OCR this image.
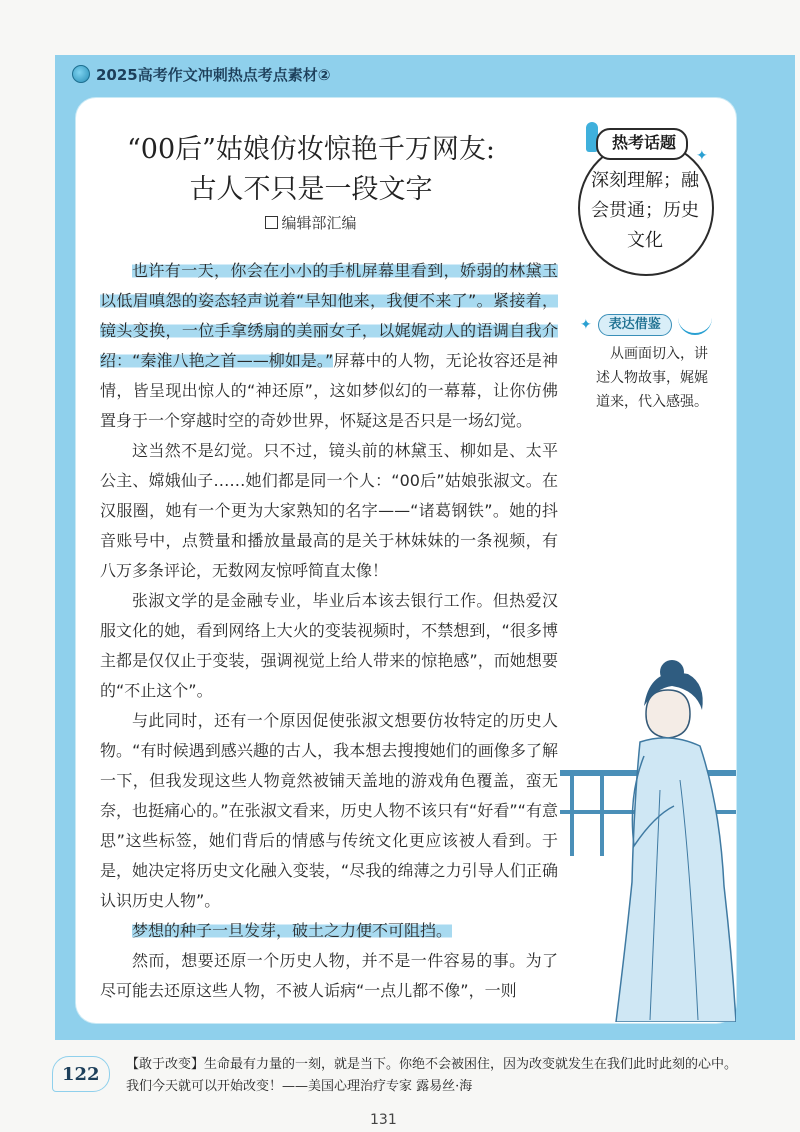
2025高考作文冲刺热点考点素材②
“00后”姑娘仿妆惊艳千万网友:
古人不只是一段文字
编辑部汇编

也许有一天，你会在小小的手机屏幕里看到，娇弱的林黛玉以低眉嗔怨的姿态轻声说着“早知他来，我便不来了”。紧接着，镜头变换，一位手拿绣扇的美丽女子，以娓娓动人的语调自我介绍：“秦淮八艳之首——柳如是。”屏幕中的人物，无论妆容还是神情，皆呈现出惊人的“神还原”，这如梦似幻的一幕幕，让你仿佛置身于一个穿越时空的奇妙世界，怀疑这是否只是一场幻觉。

这当然不是幻觉。只不过，镜头前的林黛玉、柳如是、太平公主、嫦娥仙子……她们都是同一个人：“00后”姑娘张淑文。在汉服圈，她有一个更为大家熟知的名字——“诸葛钢铁”。她的抖音账号中，点赞量和播放量最高的是关于林妹妹的一条视频，有八万多条评论，无数网友惊呼简直太像！

张淑文学的是金融专业，毕业后本该去银行工作。但热爱汉服文化的她，看到网络上大火的变装视频时，不禁想到，“很多博主都是仅仅止于变装，强调视觉上给人带来的惊艳感”，而她想要的“不止这个”。

与此同时，还有一个原因促使张淑文想要仿妆特定的历史人物。“有时候遇到感兴趣的古人，我本想去搜搜她们的画像多了解一下，但我发现这些人物竟然被铺天盖地的游戏角色覆盖，蛮无奈，也挺痛心的。”在张淑文看来，历史人物不该只有“好看”“有意思”这些标签，她们背后的情感与传统文化更应该被人看到。于是，她决定将历史文化融入变装，“尽我的绵薄之力引导人们正确认识历史人物”。

梦想的种子一旦发芽，破土之力便不可阻挡。

然而，想要还原一个历史人物，并不是一件容易的事。为了尽可能去还原这些人物，不被人诟病“一点儿都不像”，一则

热考话题
✦
深刻理解；融会贯通；历史文化
✦	表达借鉴
从画面切入，讲述人物故事，娓娓道来，代入感强。
122 【敢于改变】生命最有力量的一刻，就是当下。你绝不会被困住，因为改变就发生在我们此时此刻的心中。我们今天就可以开始改变！——美国心理治疗专家 露易丝·海
131
